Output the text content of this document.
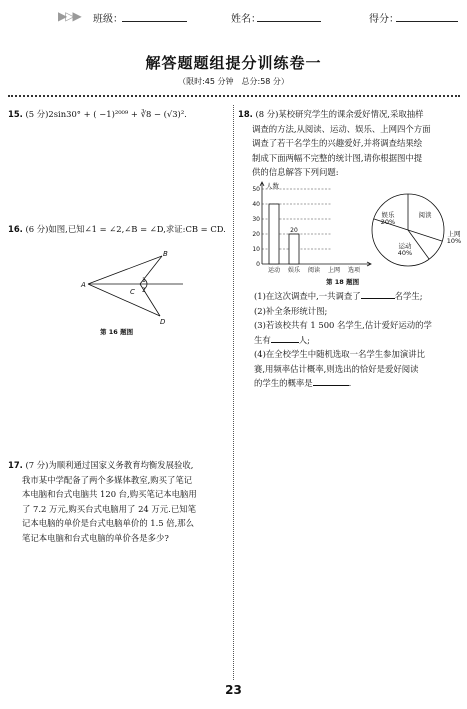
▶▷▶ 班级：	姓名：	得分：
解答题题组提分训练卷一
（限时:45 分钟　总分:58 分）
15. (5 分)2sin30° + ( −1)²⁰⁰⁹ + ∛8 − (√3)².
16. (6 分)如图,已知∠1 = ∠2,∠B = ∠D,求证:CB = CD.
A
B
C
D
1
2
第 16 题图
17. (7 分)为顺利通过国家义务教育均衡发展验收,
我市某中学配备了两个多媒体教室,购买了笔记
本电脑和台式电脑共 120 台,购买笔记本电脑用
了 7.2 万元,购买台式电脑用了 24 万元.已知笔
记本电脑的单价是台式电脑单价的 1.5 倍,那么
笔记本电脑和台式电脑的单价各是多少?
18. (8 分)某校研究学生的课余爱好情况,采取抽样
调查的方法,从阅读、运动、娱乐、上网四个方面
调查了若干名学生的兴趣爱好,并将调查结果绘
制成下面两幅不完整的统计图,请你根据图中提
供的信息解答下列问题:
0
10
20
30
40
50 人数
运动 娱乐 阅读 上网 选项
20
阅读
娱乐
20%
运动
40%
上网
10%
第 18 题图
(1)在这次调查中,一共调查了	名学生;
(2)补全条形统计图;
(3)若该校共有 1 500 名学生,估计爱好运动的学
生有	人;
(4)在全校学生中随机选取一名学生参加演讲比
赛,用频率估计概率,则选出的恰好是爱好阅读
的学生的概率是	.
23
